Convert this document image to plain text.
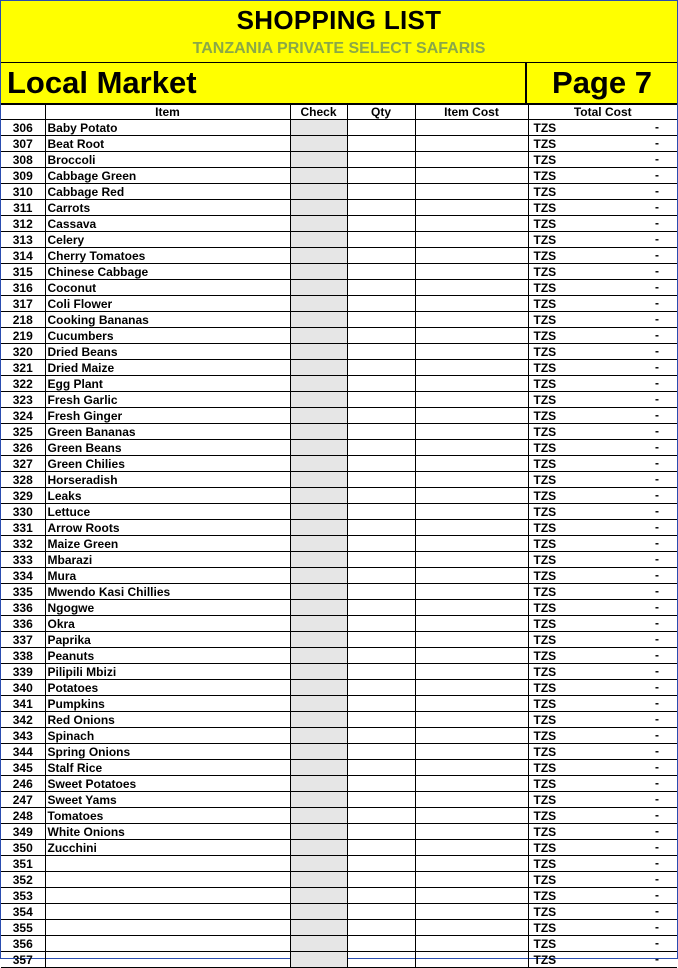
SHOPPING LIST
TANZANIA PRIVATE SELECT SAFARIS
Local Market	Page 7
	Item	Check	Qty	Item Cost	Total Cost
306	Baby Potato				TZS -

307	Beat Root				TZS -

308	Broccoli				TZS -

309	Cabbage Green				TZS -

310	Cabbage Red				TZS -

311	Carrots				TZS -

312	Cassava				TZS -

313	Celery				TZS -

314	Cherry Tomatoes				TZS -

315	Chinese Cabbage				TZS -

316	Coconut				TZS -

317	Coli Flower				TZS -

218	Cooking Bananas				TZS -

219	Cucumbers				TZS -

320	Dried Beans				TZS -

321	Dried Maize				TZS -

322	Egg Plant				TZS -

323	Fresh Garlic				TZS -

324	Fresh Ginger				TZS -

325	Green Bananas				TZS -

326	Green Beans				TZS -

327	Green Chilies				TZS -

328	Horseradish				TZS -

329	Leaks				TZS -

330	Lettuce				TZS -

331	Arrow Roots				TZS -

332	Maize Green				TZS -

333	Mbarazi				TZS -

334	Mura				TZS -

335	Mwendo Kasi Chillies				TZS -

336	Ngogwe				TZS -

336	Okra				TZS -

337	Paprika				TZS -

338	Peanuts				TZS -

339	Pilipili Mbizi				TZS -

340	Potatoes				TZS -

341	Pumpkins				TZS -

342	Red Onions				TZS -

343	Spinach				TZS -

344	Spring Onions				TZS -

345	Stalf Rice				TZS -

246	Sweet Potatoes				TZS -

247	Sweet Yams				TZS -

248	Tomatoes				TZS -

349	White Onions				TZS -

350	Zucchini				TZS -

351					TZS -

352					TZS -

353					TZS -

354					TZS -

355					TZS -

356					TZS -

357					TZS -
